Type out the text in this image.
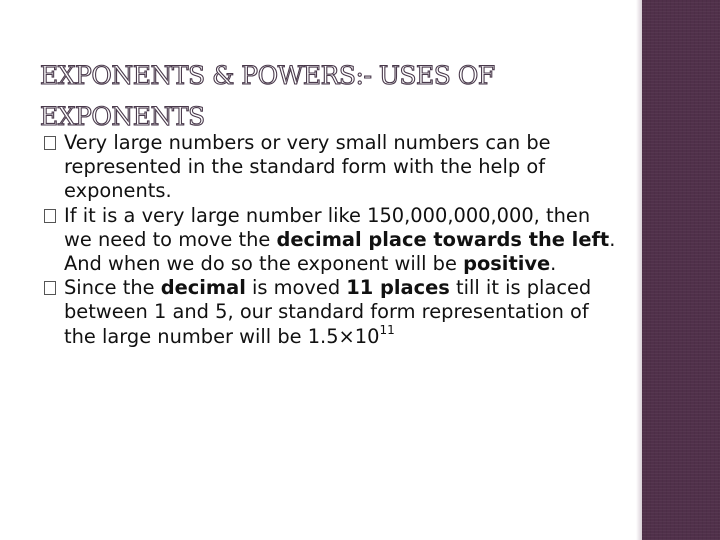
EXPONENTS & POWERS:- USES OF EXPONENTS

Very large numbers or very small numbers can be represented in the standard form with the help of exponents.

If it is a very large number like 150,000,000,000, then we need to move the decimal place towards the left. And when we do so the exponent will be positive.

Since the decimal is moved 11 places till it is placed between 1 and 5, our standard form representation of the large number will be $1.5\times 10^{11}$
